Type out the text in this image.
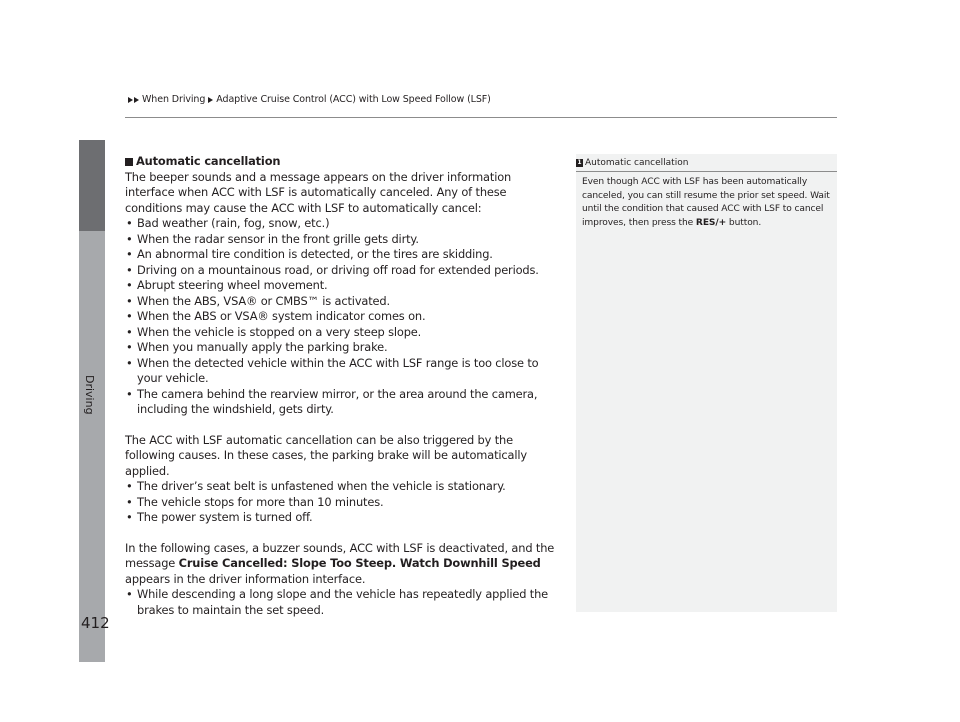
When Driving Adaptive Cruise Control (ACC) with Low Speed Follow (LSF)
Driving
412
Automatic cancellation

The beeper sounds and a message appears on the driver information interface when ACC with LSF is automatically canceled. Any of these conditions may cause the ACC with LSF to automatically cancel:

• Bad weather (rain, fog, snow, etc.)
• When the radar sensor in the front grille gets dirty.
• An abnormal tire condition is detected, or the tires are skidding.
• Driving on a mountainous road, or driving off road for extended periods.
• Abrupt steering wheel movement.
• When the ABS, VSA® or CMBS™ is activated.
• When the ABS or VSA® system indicator comes on.
• When the vehicle is stopped on a very steep slope.
• When you manually apply the parking brake.
• When the detected vehicle within the ACC with LSF range is too close to your vehicle.
• The camera behind the rearview mirror, or the area around the camera, including the windshield, gets dirty.

The ACC with LSF automatic cancellation can be also triggered by the following causes. In these cases, the parking brake will be automatically applied.

• The driver’s seat belt is unfastened when the vehicle is stationary.
• The vehicle stops for more than 10 minutes.
• The power system is turned off.

In the following cases, a buzzer sounds, ACC with LSF is deactivated, and the message Cruise Cancelled: Slope Too Steep. Watch Downhill Speed appears in the driver information interface.

• While descending a long slope and the vehicle has repeatedly applied the brakes to maintain the set speed.
1 Automatic cancellation
Even though ACC with LSF has been automatically canceled, you can still resume the prior set speed. Wait until the condition that caused ACC with LSF to cancel improves, then press the RES/+ button.
